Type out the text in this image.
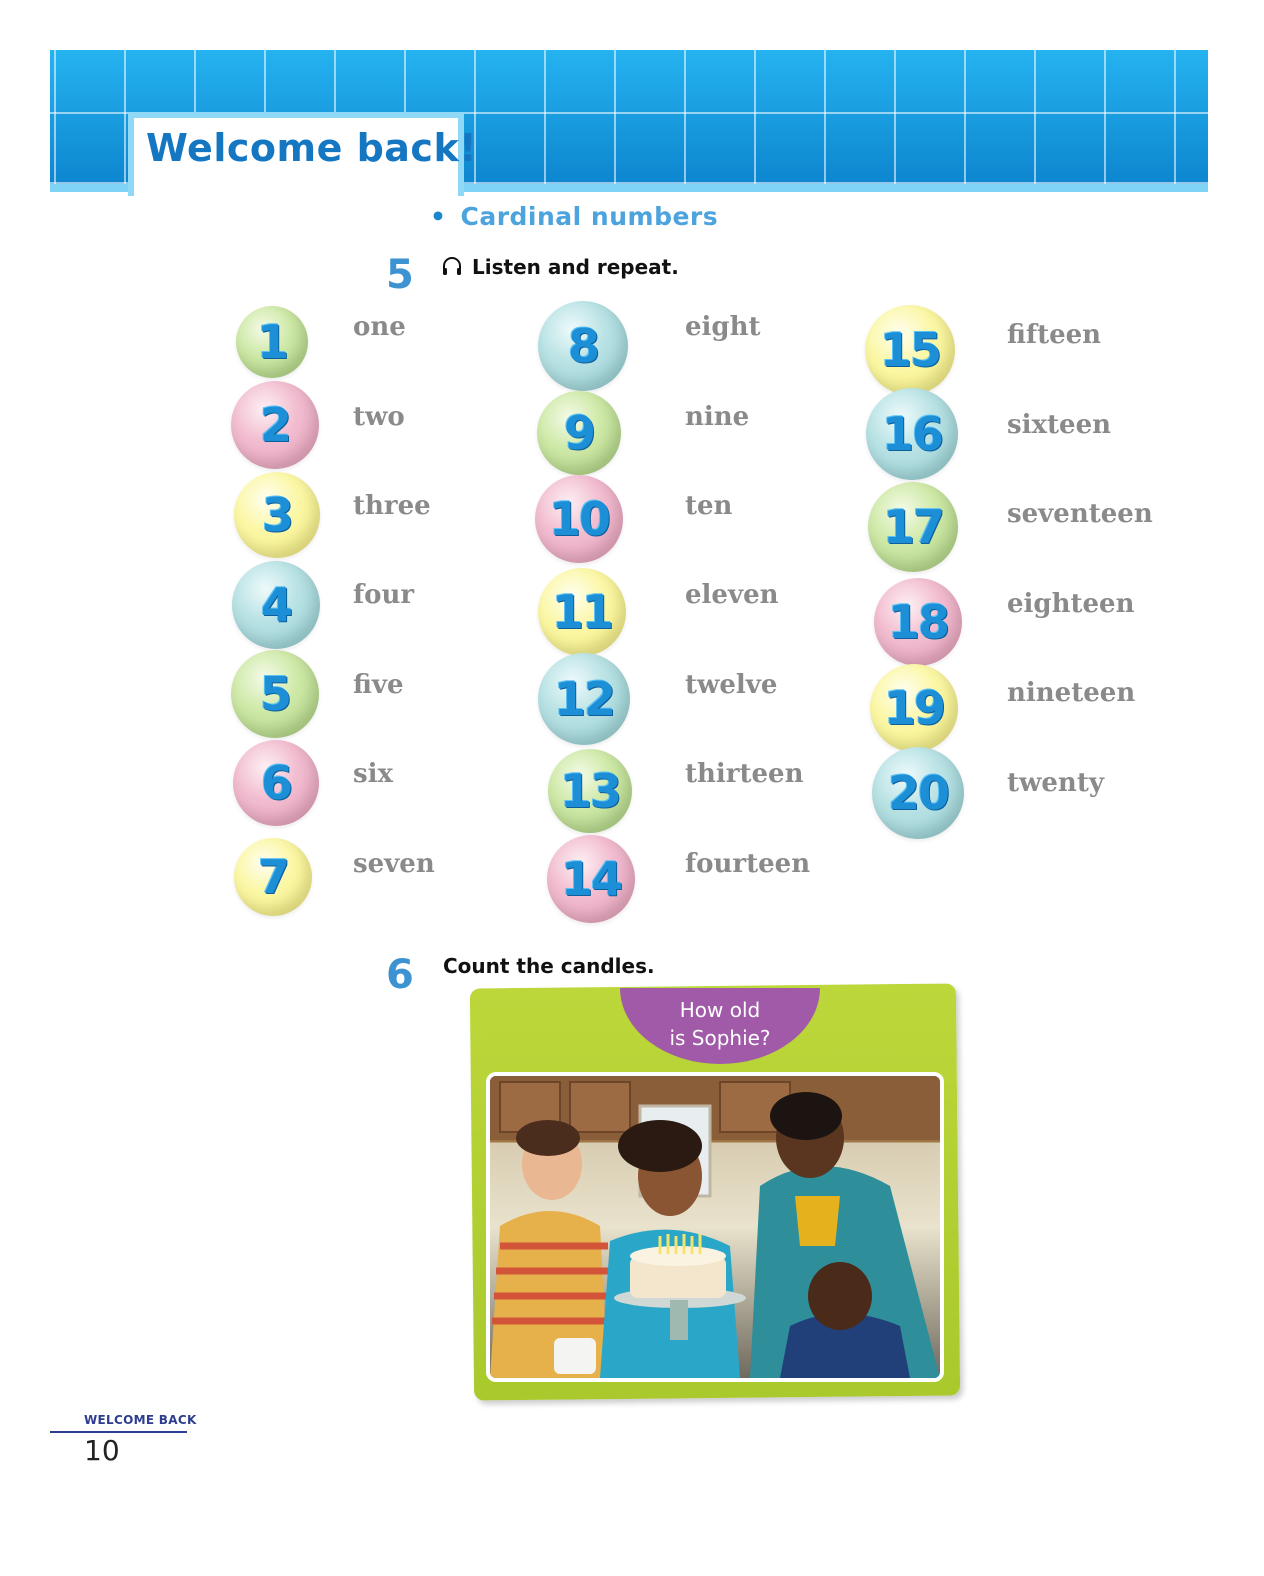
Welcome back!
• Cardinal numbers
5	Listen and repeat.
1	one
2	two
3	three
4	four
5	five
6	six
7	seven
8	eight
9	nine
10	ten
11	eleven
12	twelve
13	thirteen
14	fourteen
15	fifteen
16	sixteen
17	seventeen
18	eighteen
19	nineteen
20	twenty
6 Count the candles.
How old
is Sophie?
WELCOME BACK
10
